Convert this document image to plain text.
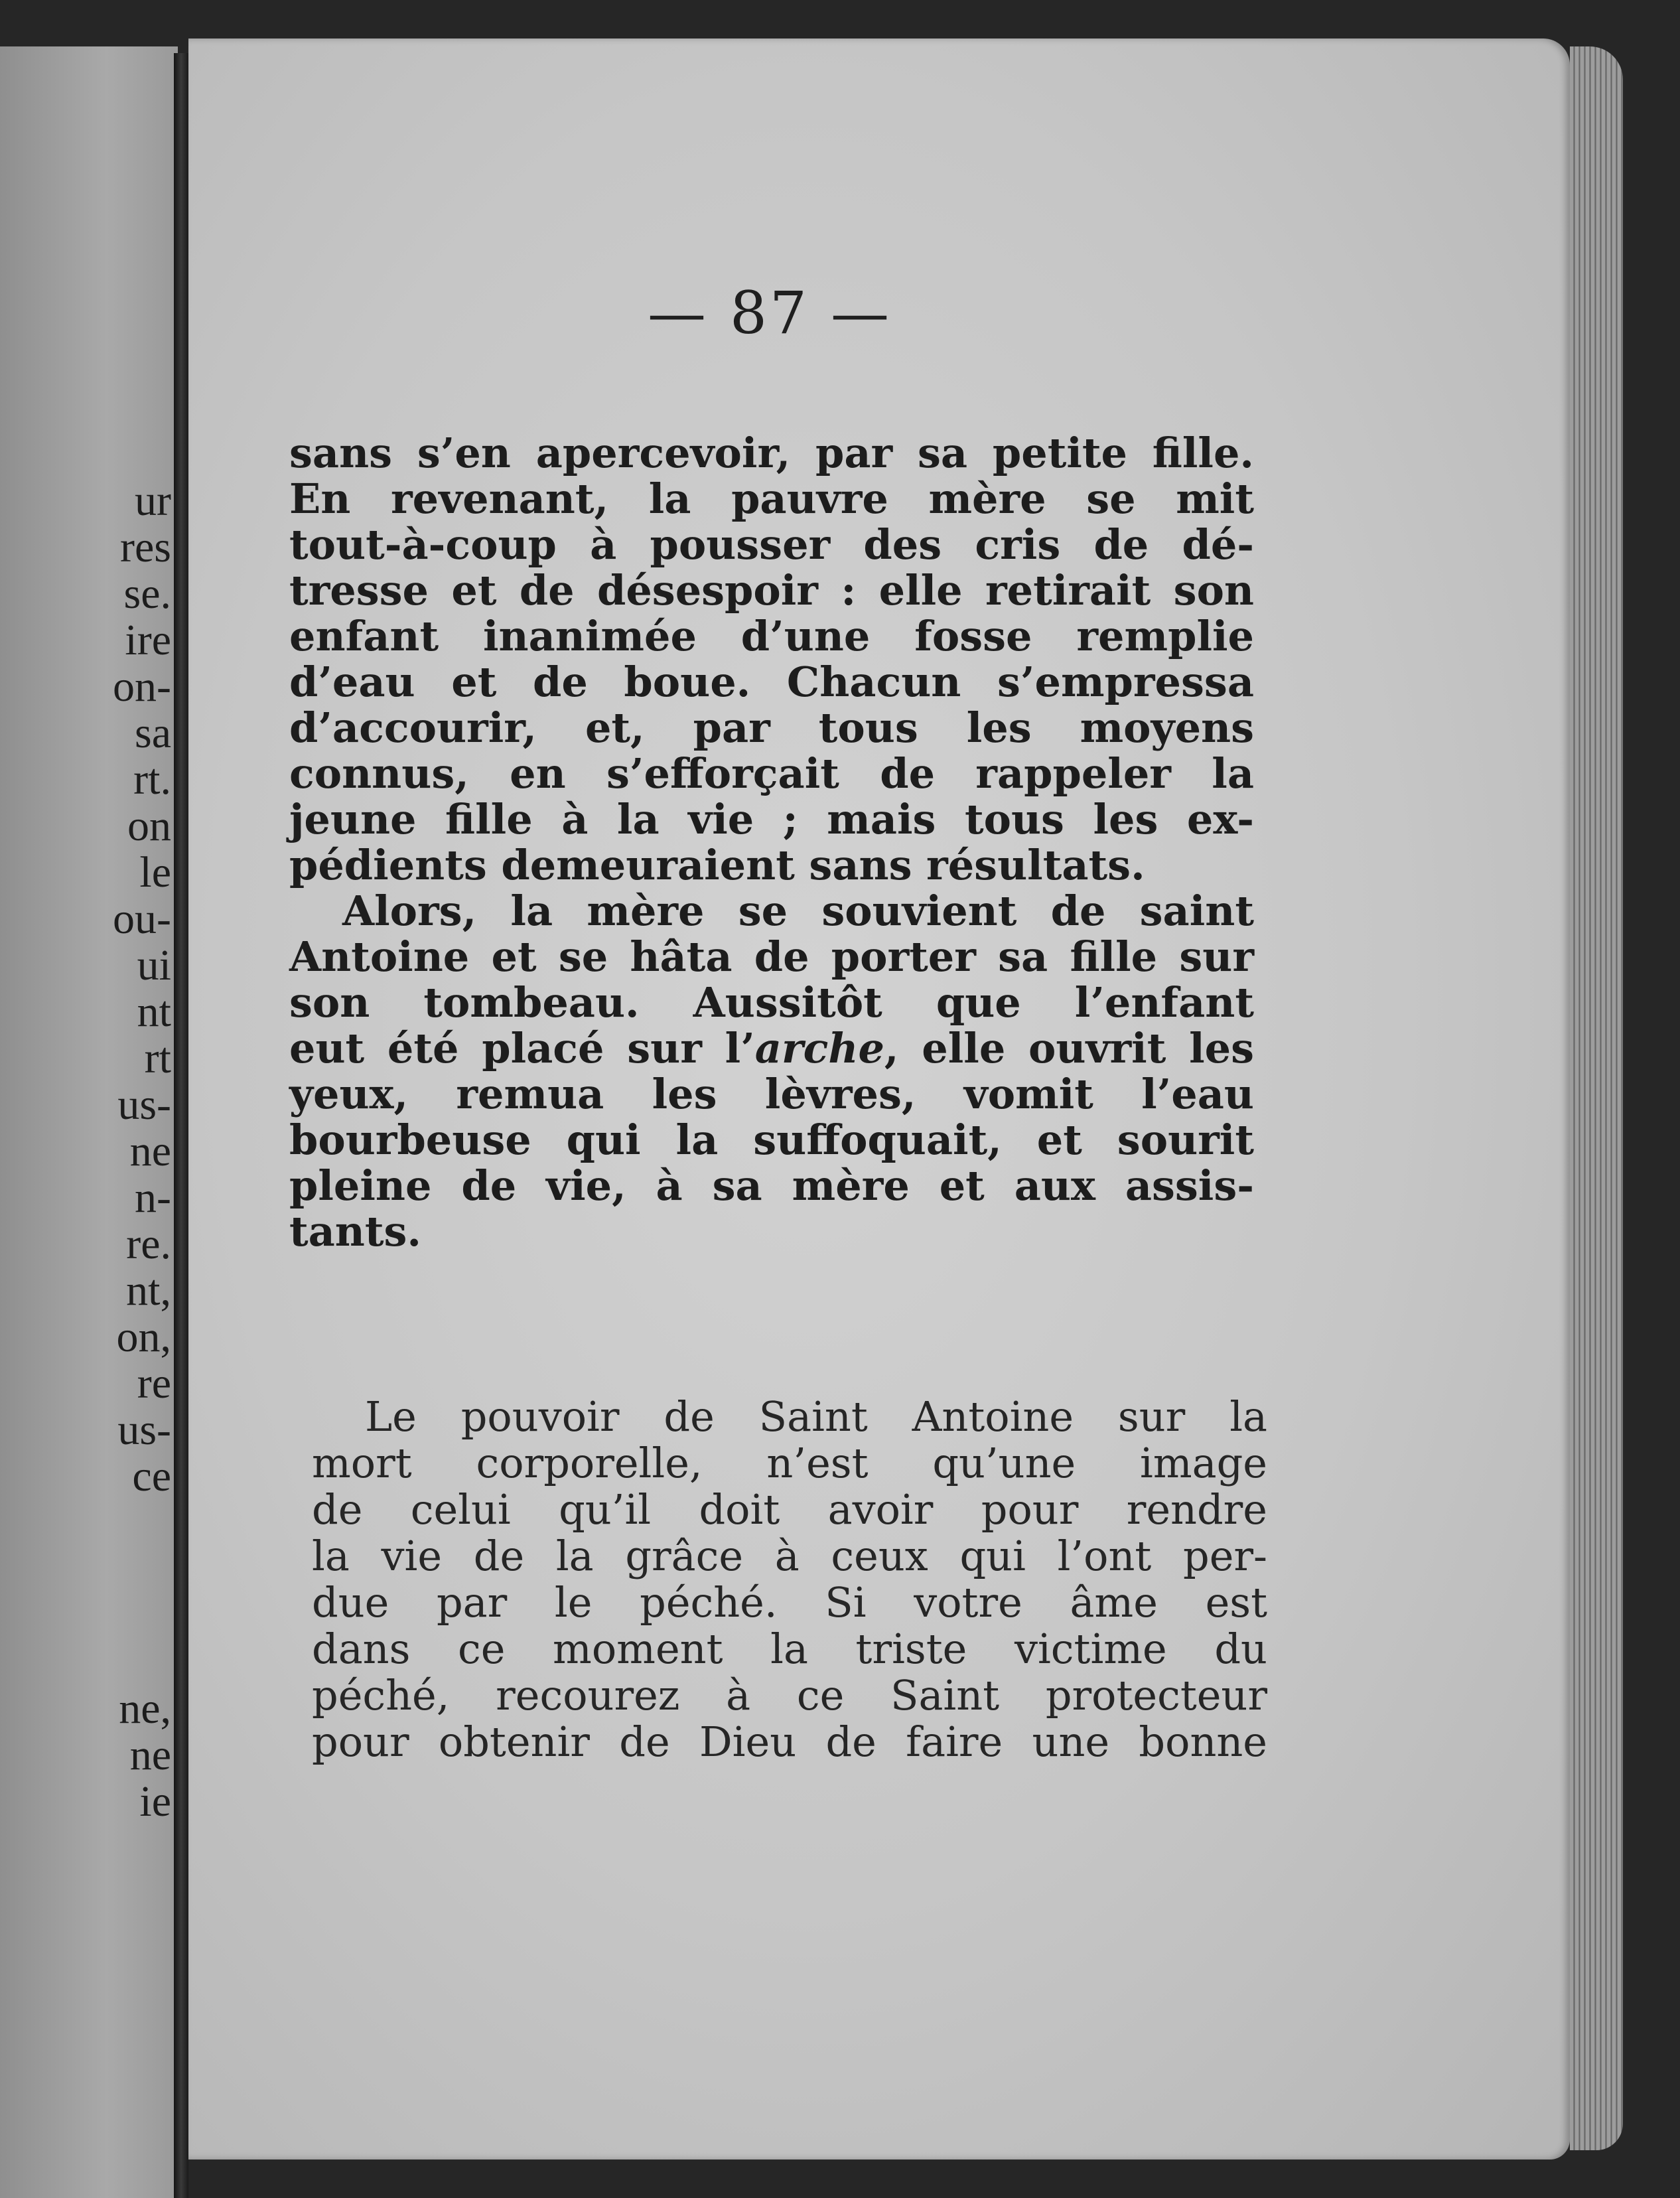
ur
res
se.
ire
on-
sa
rt.
on
le
ou-
ui
nt
rt
us-
ne
n-
re.
nt,
on,
re
us-
ce
ne,
ne
ie
— 87 —
sans s’en apercevoir, par sa petite fille.
En revenant, la pauvre mère se mit
tout-à-coup à pousser des cris de dé-
tresse et de désespoir : elle retirait son
enfant inanimée d’une fosse remplie
d’eau et de boue. Chacun s’empressa
d’accourir, et, par tous les moyens
connus, en s’efforçait de rappeler la
jeune fille à la vie ; mais tous les ex-
pédients demeuraient sans résultats.
Alors, la mère se souvient de saint
Antoine et se hâta de porter sa fille sur
son tombeau. Aussitôt que l’enfant
eut été placé sur l’arche, elle ouvrit les
yeux, remua les lèvres, vomit l’eau
bourbeuse qui la suffoquait, et sourit
pleine de vie, à sa mère et aux assis-
tants.
Le pouvoir de Saint Antoine sur la
mort corporelle, n’est qu’une image
de celui qu’il doit avoir pour rendre
la vie de la grâce à ceux qui l’ont per-
due par le péché. Si votre âme est
dans ce moment la triste victime du
péché, recourez à ce Saint protecteur
pour obtenir de Dieu de faire une bonne
